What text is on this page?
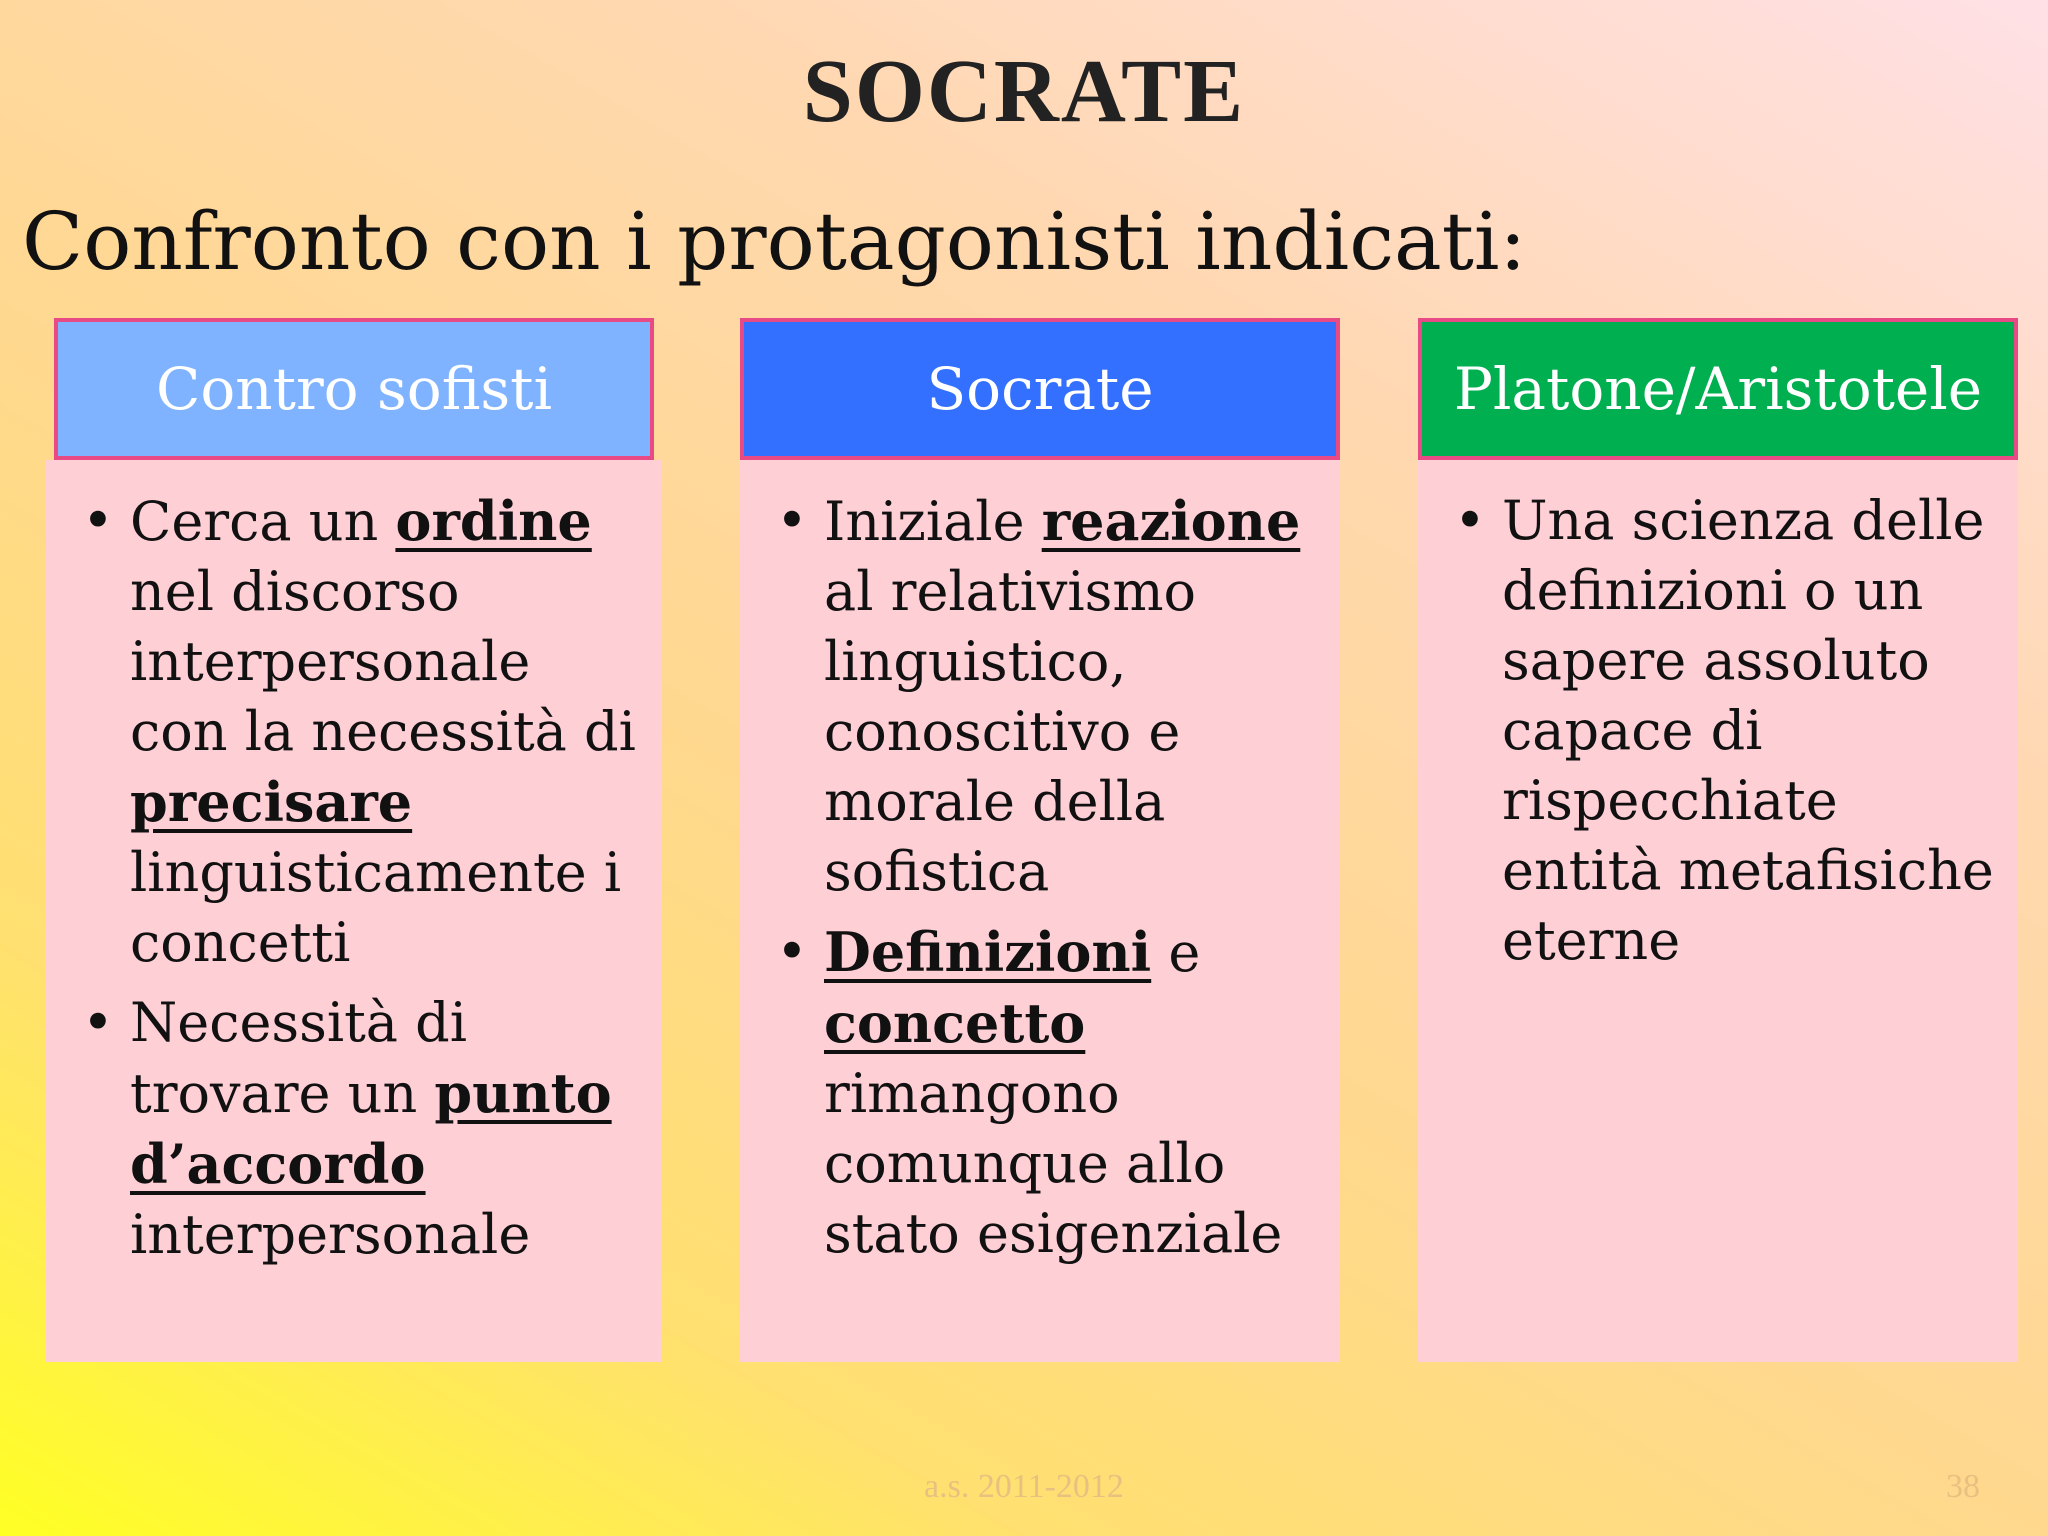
SOCRATE
Confronto con i protagonisti indicati:
Contro sofisti
• Cerca un ordine nel discorso interpersonale con la necessità di precisare linguisticamente i concetti
• Necessità di trovare un punto d’accordo interpersonale
Socrate
• Iniziale reazione al relativismo linguistico, conoscitivo e morale della sofistica
• Definizioni e concetto rimangono comunque allo stato esigenziale
Platone/Aristotele
• Una scienza delle definizioni o un sapere assoluto capace di rispecchiate entità metafisiche eterne
a.s. 2011-2012	38
